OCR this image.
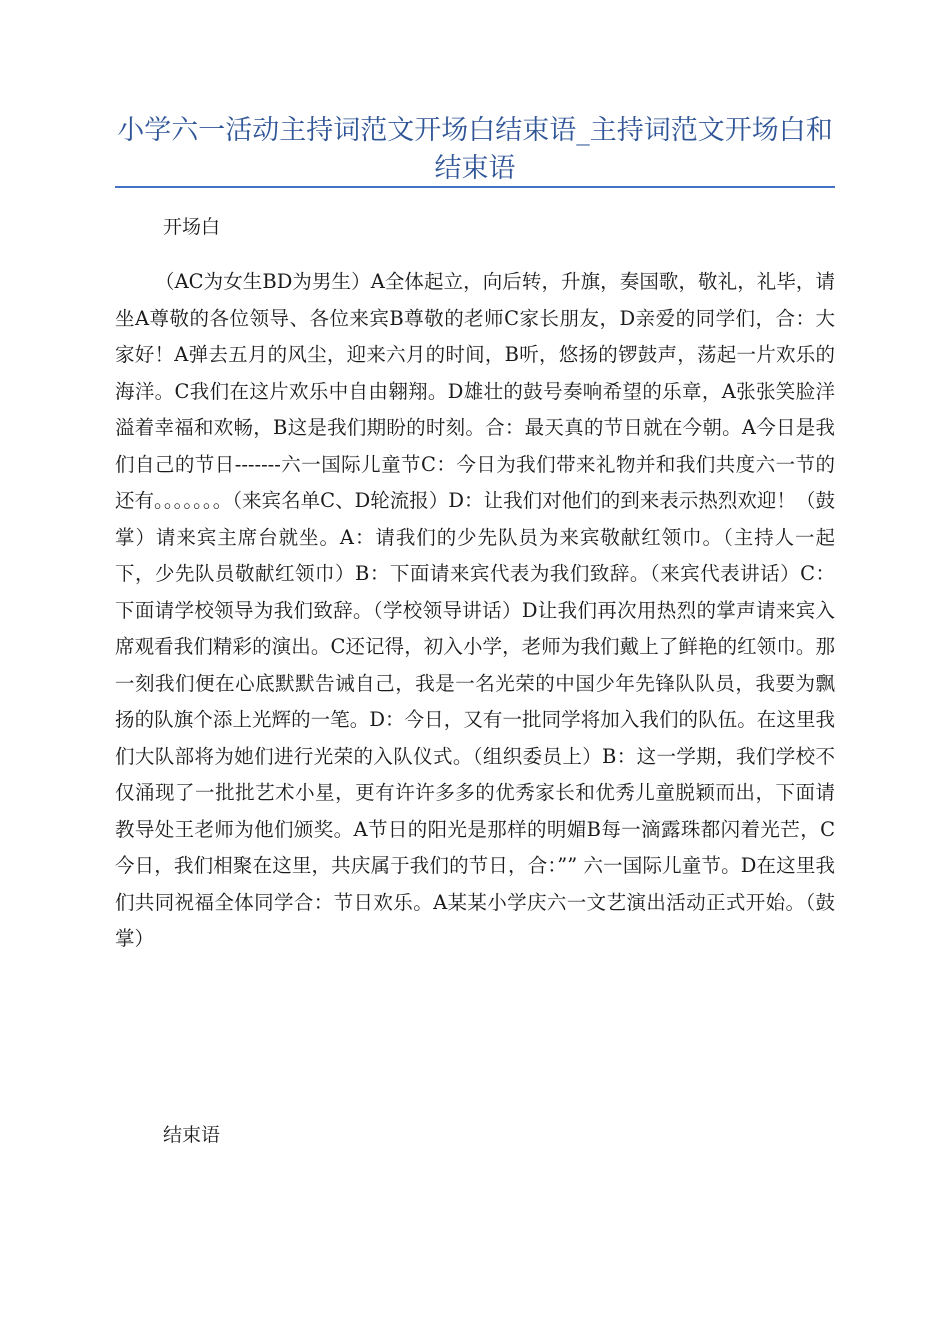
小学六一活动主持词范文开场白结束语_主持词范文开场白和结束语
开场白

（AC为女生BD为男生）A全体起立，向后转，升旗，奏国歌，敬礼，礼毕，请坐A尊敬的各位领导、各位来宾B尊敬的老师C家长朋友，D亲爱的同学们，合：大家好！A弹去五月的风尘，迎来六月的时间，B听，悠扬的锣鼓声，荡起一片欢乐的海洋。C我们在这片欢乐中自由翱翔。D雄壮的鼓号奏响希望的乐章，A张张笑脸洋溢着幸福和欢畅，B这是我们期盼的时刻。合：最天真的节日就在今朝。A今日是我们自己的节日-------六一国际儿童节C：今日为我们带来礼物并和我们共度六一节的还有。。。。。。。（来宾名单C、D轮流报）D：让我们对他们的到来表示热烈欢迎！（鼓掌）请来宾主席台就坐。A：请我们的少先队员为来宾敬献红领巾。（主持人一起下，少先队员敬献红领巾）B：下面请来宾代表为我们致辞。（来宾代表讲话）C：下面请学校领导为我们致辞。（学校领导讲话）D让我们再次用热烈的掌声请来宾入席观看我们精彩的演出。C还记得，初入小学，老师为我们戴上了鲜艳的红领巾。那一刻我们便在心底默默告诫自己，我是一名光荣的中国少年先锋队队员，我要为飘扬的队旗个添上光辉的一笔。D：今日，又有一批同学将加入我们的队伍。在这里我们大队部将为她们进行光荣的入队仪式。（组织委员上）B：这一学期，我们学校不仅涌现了一批批艺术小星，更有许许多多的优秀家长和优秀儿童脱颖而出，下面请教导处王老师为他们颁奖。A节日的阳光是那样的明媚B每一滴露珠都闪着光芒，C今日，我们相聚在这里，共庆属于我们的节日，合：”” 六一国际儿童节。D在这里我们共同祝福全体同学合：节日欢乐。A某某小学庆六一文艺演出活动正式开始。（鼓掌）

结束语
